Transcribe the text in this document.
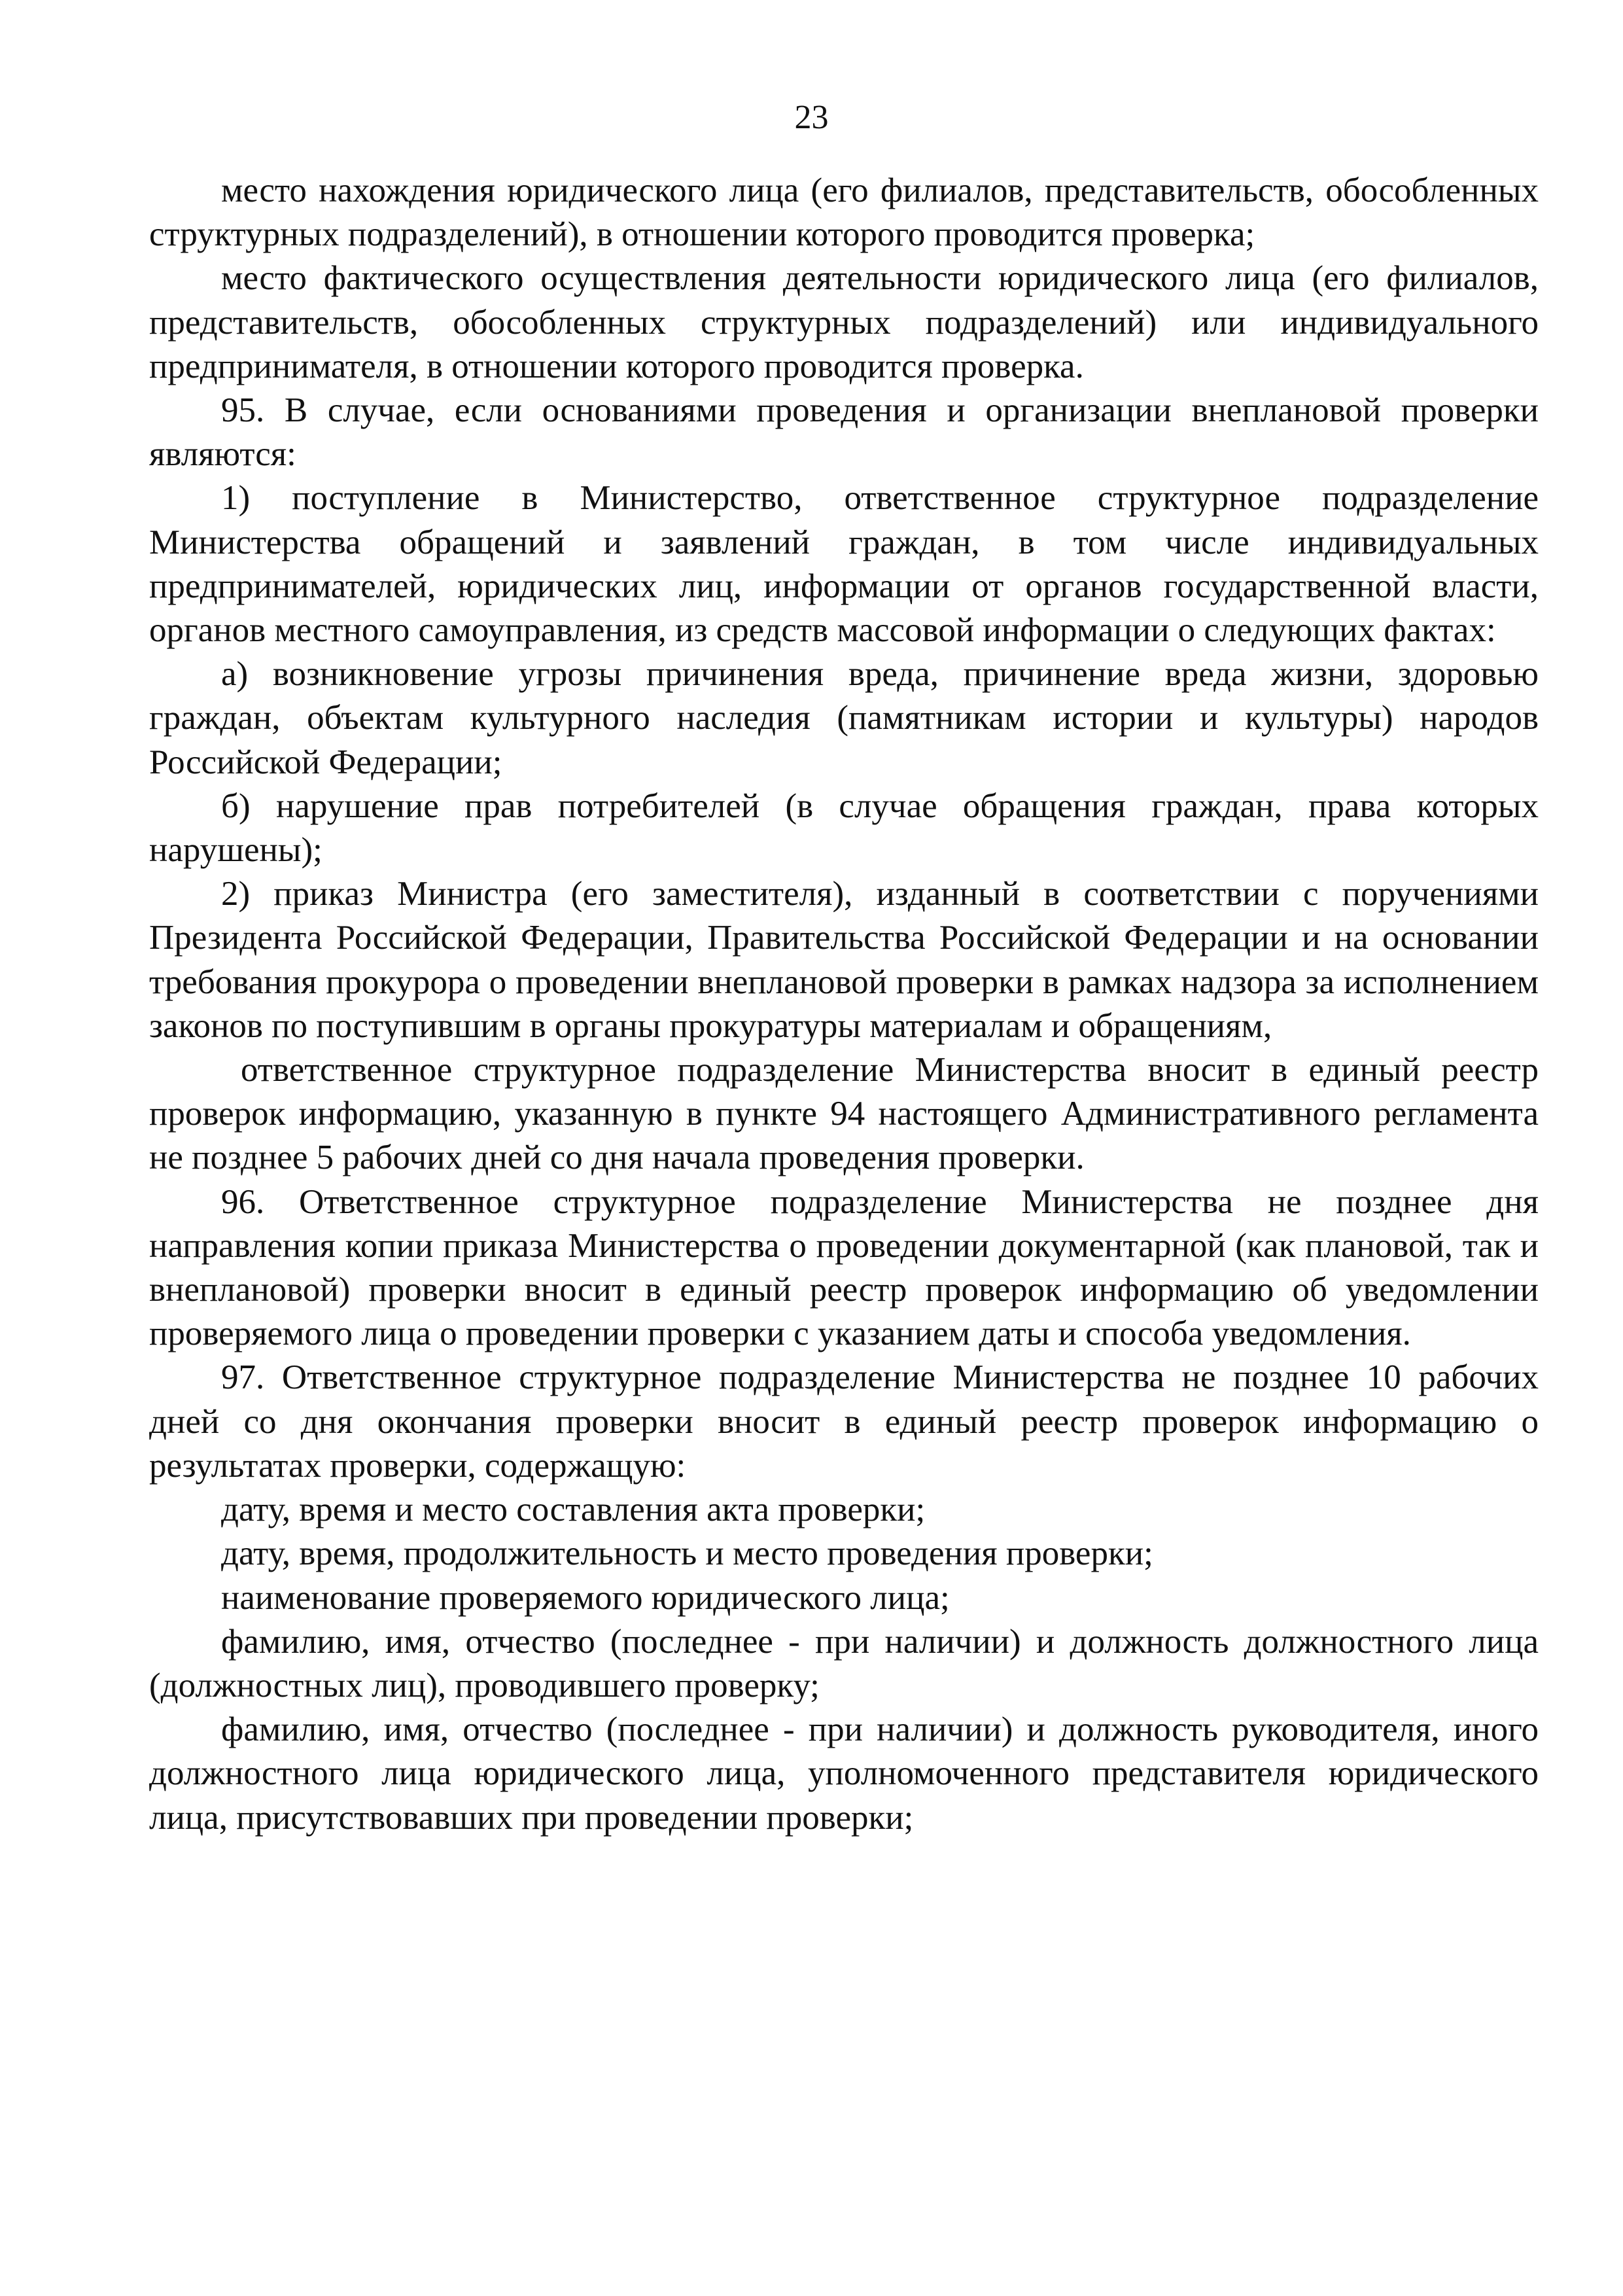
23

место нахождения юридического лица (его филиалов, представительств, обособленных структурных подразделений), в отношении которого проводится проверка;

место фактического осуществления деятельности юридического лица (его филиалов, представительств, обособленных структурных подразделений) или индивидуального предпринимателя, в отношении которого проводится проверка.

95. В случае, если основаниями проведения и организации внеплановой проверки являются:

1) поступление в Министерство, ответственное структурное подразделение Министерства обращений и заявлений граждан, в том числе индивидуальных предпринимателей, юридических лиц, информации от органов государственной власти, органов местного самоуправления, из средств массовой информации о следующих фактах:

а) возникновение угрозы причинения вреда, причинение вреда жизни, здоровью граждан, объектам культурного наследия (памятникам истории и культуры) народов Российской Федерации;

б) нарушение прав потребителей (в случае обращения граждан, права которых нарушены);

2) приказ Министра (его заместителя), изданный в соответствии с поручениями Президента Российской Федерации, Правительства Российской Федерации и на основании требования прокурора о проведении внеплановой проверки в рамках надзора за исполнением законов по поступившим в органы прокуратуры материалам и обращениям,

ответственное структурное подразделение Министерства вносит в единый реестр проверок информацию, указанную в пункте 94 настоящего Административного регламента не позднее 5 рабочих дней со дня начала проведения проверки.

96. Ответственное структурное подразделение Министерства не позднее дня направления копии приказа Министерства о проведении документарной (как плановой, так и внеплановой) проверки вносит в единый реестр проверок информацию об уведомлении проверяемого лица о проведении проверки с указанием даты и способа уведомления.

97. Ответственное структурное подразделение Министерства не позднее 10 рабочих дней со дня окончания проверки вносит в единый реестр проверок информацию о результатах проверки, содержащую:

дату, время и место составления акта проверки;

дату, время, продолжительность и место проведения проверки;

наименование проверяемого юридического лица;

фамилию, имя, отчество (последнее - при наличии) и должность должностного лица (должностных лиц), проводившего проверку;

фамилию, имя, отчество (последнее - при наличии) и должность руководителя, иного должностного лица юридического лица, уполномоченного представителя юридического лица, присутствовавших при проведении проверки;
